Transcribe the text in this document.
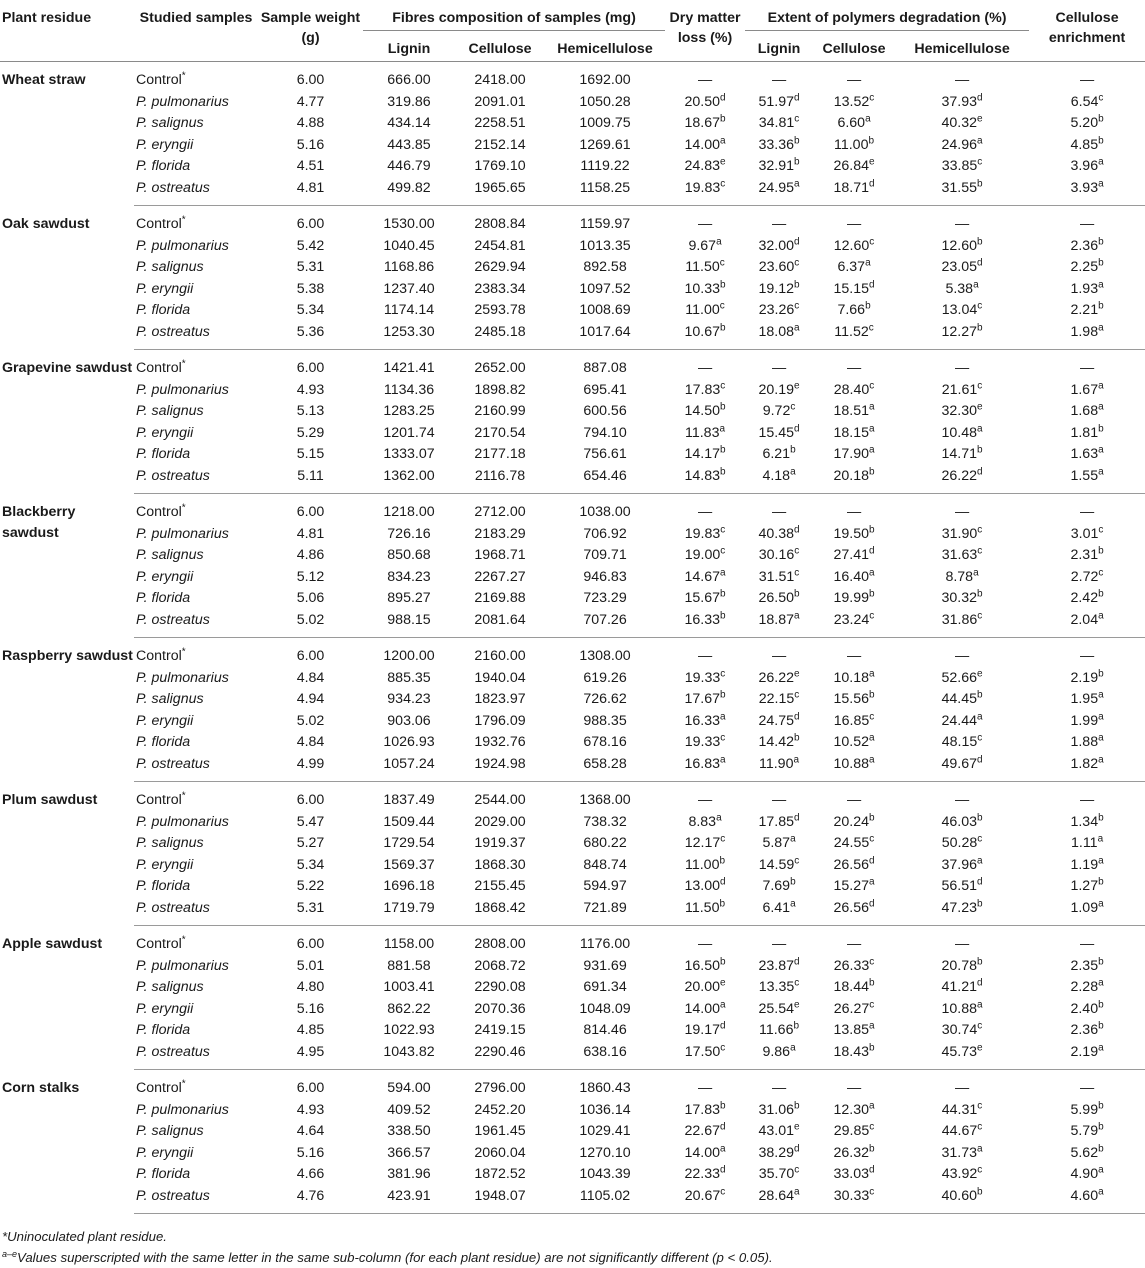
Plant residue	Studied samples	Sample weight (g)	Fibres composition of samples (mg)			Dry matter loss (%)	Extent of polymers degradation (%)			Cellulose enrichment
			Lignin	Cellulose	Hemicellulose		Lignin	Cellulose	Hemicellulose	
Wheat straw	Control*	6.00	666.00	2418.00	1692.00	—	—	—	—	—
	P. pulmonarius	4.77	319.86	2091.01	1050.28	20.50$^d$	51.97$^d$	13.52$^c$	37.93$^d$	6.54$^c$
	P. salignus	4.88	434.14	2258.51	1009.75	18.67$^b$	34.81$^c$	6.60$^a$	40.32e	5.20$^b$
	P. eryngii	5.16	443.85	2152.14	1269.61	14.00$^a$	33.36$^b$	11.00$^b$	24.96$^a$	4.85$^b$
	P. florida	4.51	446.79	1769.10	1119.22	24.83e	32.91$^b$	26.84e	33.85$^c$	3.96$^a$
	P. ostreatus	4.81	499.82	1965.65	1158.25	19.83$^c$	24.95$^a$	18.71$^d$	31.55$^b$	3.93$^a$
Oak sawdust	Control*	6.00	1530.00	2808.84	1159.97	—	—	—	—	—
	P. pulmonarius	5.42	1040.45	2454.81	1013.35	9.67$^a$	32.00$^d$	12.60$^c$	12.60$^b$	2.36$^b$
	P. salignus	5.31	1168.86	2629.94	892.58	11.50$^c$	23.60$^c$	6.37$^a$	23.05$^d$	2.25$^b$
	P. eryngii	5.38	1237.40	2383.34	1097.52	10.33$^b$	19.12$^b$	15.15$^d$	5.38$^a$	1.93$^a$
	P. florida	5.34	1174.14	2593.78	1008.69	11.00$^c$	23.26$^c$	7.66$^b$	13.04$^c$	2.21$^b$
	P. ostreatus	5.36	1253.30	2485.18	1017.64	10.67$^b$	18.08$^a$	11.52$^c$	12.27$^b$	1.98$^a$
Grapevine sawdust	Control*	6.00	1421.41	2652.00	887.08	—	—	—	—	—
	P. pulmonarius	4.93	1134.36	1898.82	695.41	17.83$^c$	20.19e	28.40$^c$	21.61$^c$	1.67$^a$
	P. salignus	5.13	1283.25	2160.99	600.56	14.50$^b$	9.72$^c$	18.51$^a$	32.30e	1.68$^a$
	P. eryngii	5.29	1201.74	2170.54	794.10	11.83$^a$	15.45$^d$	18.15$^a$	10.48$^a$	1.81$^b$
	P. florida	5.15	1333.07	2177.18	756.61	14.17$^b$	6.21$^b$	17.90$^a$	14.71$^b$	1.63$^a$
	P. ostreatus	5.11	1362.00	2116.78	654.46	14.83$^b$	4.18$^a$	20.18$^b$	26.22$^d$	1.55$^a$
Blackberry sawdust	Control*	6.00	1218.00	2712.00	1038.00	—	—	—	—	—
	P. pulmonarius	4.81	726.16	2183.29	706.92	19.83$^c$	40.38$^d$	19.50$^b$	31.90$^c$	3.01$^c$
	P. salignus	4.86	850.68	1968.71	709.71	19.00$^c$	30.16$^c$	27.41$^d$	31.63$^c$	2.31$^b$
	P. eryngii	5.12	834.23	2267.27	946.83	14.67$^a$	31.51$^c$	16.40$^a$	8.78$^a$	2.72$^c$
	P. florida	5.06	895.27	2169.88	723.29	15.67$^b$	26.50$^b$	19.99$^b$	30.32$^b$	2.42$^b$
	P. ostreatus	5.02	988.15	2081.64	707.26	16.33$^b$	18.87$^a$	23.24$^c$	31.86$^c$	2.04$^a$
Raspberry sawdust	Control*	6.00	1200.00	2160.00	1308.00	—	—	—	—	—
	P. pulmonarius	4.84	885.35	1940.04	619.26	19.33$^c$	26.22e	10.18$^a$	52.66e	2.19$^b$
	P. salignus	4.94	934.23	1823.97	726.62	17.67$^b$	22.15$^c$	15.56$^b$	44.45$^b$	1.95$^a$
	P. eryngii	5.02	903.06	1796.09	988.35	16.33$^a$	24.75$^d$	16.85$^c$	24.44$^a$	1.99$^a$
	P. florida	4.84	1026.93	1932.76	678.16	19.33$^c$	14.42$^b$	10.52$^a$	48.15$^c$	1.88$^a$
	P. ostreatus	4.99	1057.24	1924.98	658.28	16.83$^a$	11.90$^a$	10.88$^a$	49.67$^d$	1.82$^a$
Plum sawdust	Control*	6.00	1837.49	2544.00	1368.00	—	—	—	—	—
	P. pulmonarius	5.47	1509.44	2029.00	738.32	8.83$^a$	17.85$^d$	20.24$^b$	46.03$^b$	1.34$^b$
	P. salignus	5.27	1729.54	1919.37	680.22	12.17$^c$	5.87$^a$	24.55$^c$	50.28$^c$	1.11$^a$
	P. eryngii	5.34	1569.37	1868.30	848.74	11.00$^b$	14.59$^c$	26.56$^d$	37.96$^a$	1.19$^a$
	P. florida	5.22	1696.18	2155.45	594.97	13.00$^d$	7.69$^b$	15.27$^a$	56.51$^d$	1.27$^b$
	P. ostreatus	5.31	1719.79	1868.42	721.89	11.50$^b$	6.41$^a$	26.56$^d$	47.23$^b$	1.09$^a$
Apple sawdust	Control*	6.00	1158.00	2808.00	1176.00	—	—	—	—	—
	P. pulmonarius	5.01	881.58	2068.72	931.69	16.50$^b$	23.87$^d$	26.33$^c$	20.78$^b$	2.35$^b$
	P. salignus	4.80	1003.41	2290.08	691.34	20.00e	13.35$^c$	18.44$^b$	41.21$^d$	2.28$^a$
	P. eryngii	5.16	862.22	2070.36	1048.09	14.00$^a$	25.54e	26.27$^c$	10.88$^a$	2.40$^b$
	P. florida	4.85	1022.93	2419.15	814.46	19.17$^d$	11.66$^b$	13.85$^a$	30.74$^c$	2.36$^b$
	P. ostreatus	4.95	1043.82	2290.46	638.16	17.50$^c$	9.86$^a$	18.43$^b$	45.73e	2.19$^a$
Corn stalks	Control*	6.00	594.00	2796.00	1860.43	—	—	—	—	—
	P. pulmonarius	4.93	409.52	2452.20	1036.14	17.83$^b$	31.06$^b$	12.30$^a$	44.31$^c$	5.99$^b$
	P. salignus	4.64	338.50	1961.45	1029.41	22.67$^d$	43.01e	29.85$^c$	44.67$^c$	5.79$^b$
	P. eryngii	5.16	366.57	2060.04	1270.10	14.00$^a$	38.29$^d$	26.32$^b$	31.73$^a$	5.62$^b$
	P. florida	4.66	381.96	1872.52	1043.39	22.33$^d$	35.70$^c$	33.03$^d$	43.92$^c$	4.90$^a$
	P. ostreatus	4.76	423.91	1948.07	1105.02	20.67$^c$	28.64$^a$	30.33$^c$	40.60$^b$	4.60$^a$
*Uninoculated plant residue.
$^{a-e}$Values superscripted with the same letter in the same sub-column (for each plant residue) are not significantly different (p < 0.05).
